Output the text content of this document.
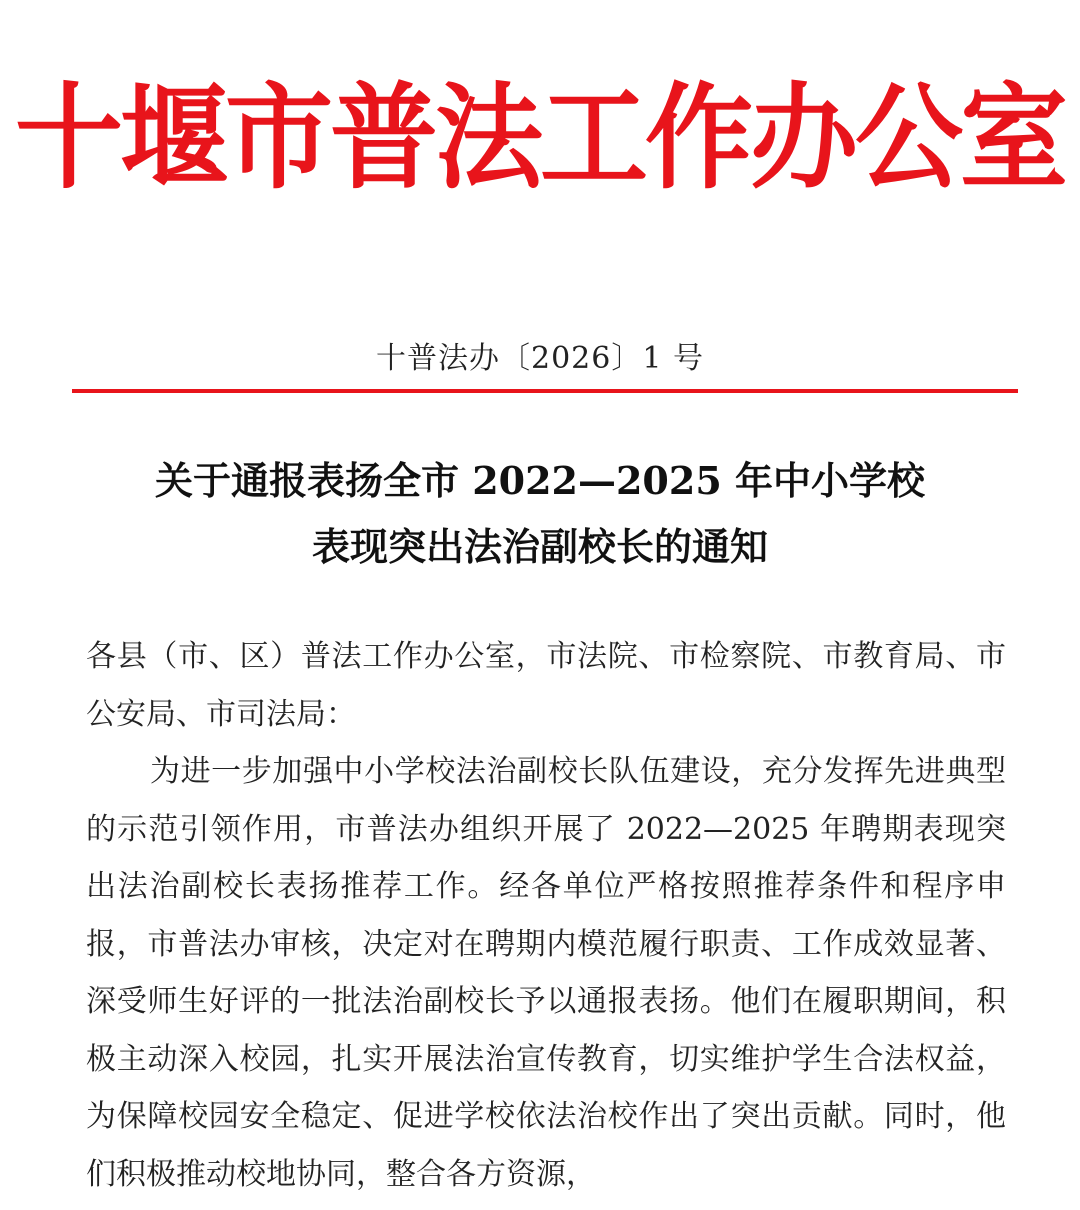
十堰市普法工作办公室
十普法办〔2026〕1 号
关于通报表扬全市 2022—2025 年中小学校
表现突出法治副校长的通知

各县（市、区）普法工作办公室，市法院、市检察院、市教育局、市公安局、市司法局：

为进一步加强中小学校法治副校长队伍建设，充分发挥先进典型的示范引领作用，市普法办组织开展了 2022—2025 年聘期表现突出法治副校长表扬推荐工作。经各单位严格按照推荐条件和程序申报，市普法办审核，决定对在聘期内模范履行职责、工作成效显著、深受师生好评的一批法治副校长予以通报表扬。他们在履职期间，积极主动深入校园，扎实开展法治宣传教育，切实维护学生合法权益，为保障校园安全稳定、促进学校依法治校作出了突出贡献。同时，他们积极推动校地协同，整合各方资源，
